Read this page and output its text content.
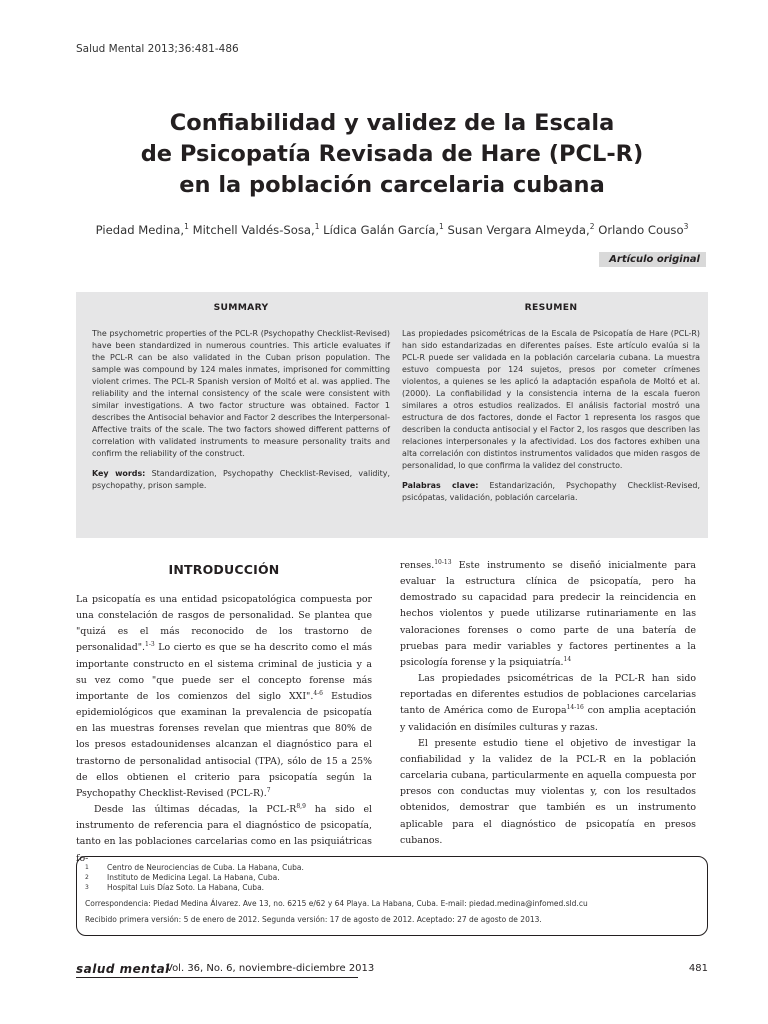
Salud Mental 2013;36:481-486
Confiabilidad y validez de la Escala
de Psicopatía Revisada de Hare (PCL-R)
en la población carcelaria cubana
Piedad Medina,$^1$ Mitchell Valdés-Sosa,$^1$ Lídica Galán García,$^1$ Susan Vergara Almeyda,$^2$ Orlando Couso$^3$
Artículo original
SUMMARY

The psychometric properties of the PCL-R (Psychopathy Checklist-Revised) have been standardized in numerous countries. This article evaluates if the PCL-R can be also validated in the Cuban prison population. The sample was compound by 124 males inmates, imprisoned for committing violent crimes. The PCL-R Spanish version of Moltó et al. was applied. The reliability and the internal consistency of the scale were consistent with similar investigations. A two factor structure was obtained. Factor 1 describes the Antisocial behavior and Factor 2 describes the Interpersonal-Affective traits of the scale. The two factors showed different patterns of correlation with validated instruments to measure personality traits and confirm the reliability of the construct.

Key words: Standardization, Psychopathy Checklist-Revised, validity, psychopathy, prison sample.

RESUMEN

Las propiedades psicométricas de la Escala de Psicopatía de Hare (PCL-R) han sido estandarizadas en diferentes países. Este artículo evalúa si la PCL-R puede ser validada en la población carcelaria cubana. La muestra estuvo compuesta por 124 sujetos, presos por cometer crímenes violentos, a quienes se les aplicó la adaptación española de Moltó et al. (2000). La confiabilidad y la consistencia interna de la escala fueron similares a otros estudios realizados. El análisis factorial mostró una estructura de dos factores, donde el Factor 1 representa los rasgos que describen la conducta antisocial y el Factor 2, los rasgos que describen las relaciones interpersonales y la afectividad. Los dos factores exhiben una alta correlación con distintos instrumentos validados que miden rasgos de personalidad, lo que confirma la validez del constructo.

Palabras clave: Estandarización, Psychopathy Checklist-Revised, psicópatas, validación, población carcelaria.

INTRODUCCIÓN

La psicopatía es una entidad psicopatológica compuesta por una constelación de rasgos de personalidad. Se plantea que "quizá es el más reconocido de los trastorno de personalidad".$^{1-3}$ Lo cierto es que se ha descrito como el más importante constructo en el sistema criminal de justicia y a su vez como "que puede ser el concepto forense más importante de los comienzos del siglo XXI".$^{4-6}$ Estudios epidemiológicos que examinan la prevalencia de psicopatía en las muestras forenses revelan que mientras que 80% de los presos estadounidenses alcanzan el diagnóstico para el trastorno de personalidad antisocial (TPA), sólo de 15 a 25% de ellos obtienen el criterio para psicopatía según la Psychopathy Checklist-Revised (PCL-R).$^7$

Desde las últimas décadas, la PCL-$R^{8,9}$ ha sido el instrumento de referencia para el diagnóstico de psicopatía, tanto en las poblaciones carcelarias como en las psiquiátricas fo-

renses.$^{10-13}$ Este instrumento se diseñó inicialmente para evaluar la estructura clínica de psicopatía, pero ha demostrado su capacidad para predecir la reincidencia en hechos violentos y puede utilizarse rutinariamente en las valoraciones forenses o como parte de una batería de pruebas para medir variables y factores pertinentes a la psicología forense y la psiquiatría.$^{14}$

Las propiedades psicométricas de la PCL-R han sido reportadas en diferentes estudios de poblaciones carcelarias tanto de América como de Europa$^{14-16}$ con amplia aceptación y validación en disímiles culturas y razas.

El presente estudio tiene el objetivo de investigar la confiabilidad y la validez de la PCL-R en la población carcelaria cubana, particularmente en aquella compuesta por presos con conductas muy violentas y, con los resultados obtenidos, demostrar que también es un instrumento aplicable para el diagnóstico de psicopatía en presos cubanos.

1	Centro de Neurociencias de Cuba. La Habana, Cuba.
2	Instituto de Medicina Legal. La Habana, Cuba.
3	Hospital Luis Díaz Soto. La Habana, Cuba.
Correspondencia: Piedad Medina Álvarez. Ave 13, no. 6215 e/62 y 64 Playa. La Habana, Cuba. E-mail: piedad.medina@infomed.sld.cu
Recibido primera versión: 5 de enero de 2012. Segunda versión: 17 de agosto de 2012. Aceptado: 27 de agosto de 2013.
salud mental
Vol. 36, No. 6, noviembre-diciembre 2013	481
